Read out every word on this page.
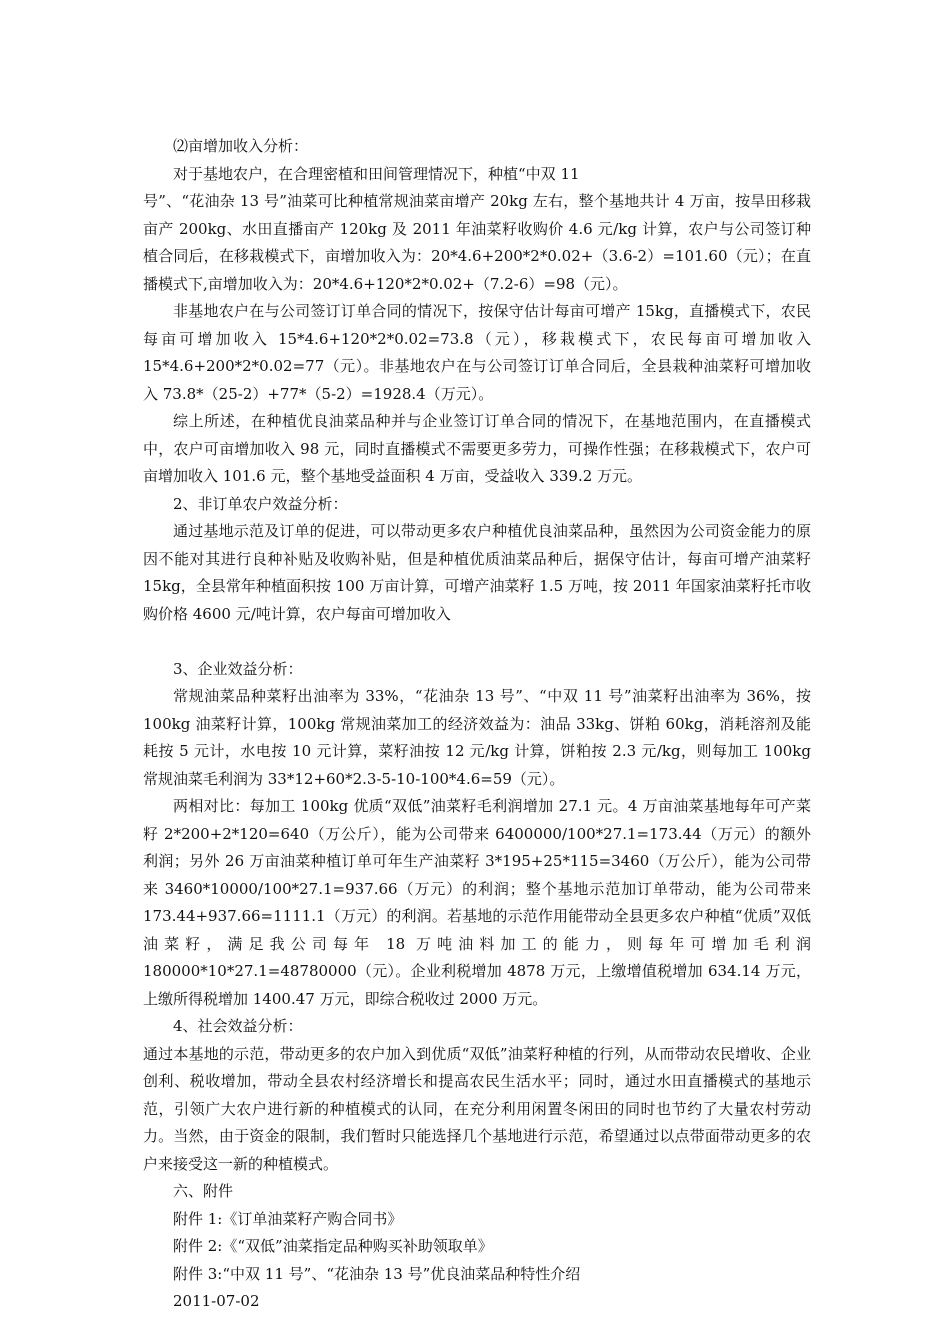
⑵亩增加收入分析：

对于基地农户，在合理密植和田间管理情况下，种植“中双 11

号”、“花油杂 13 号”油菜可比种植常规油菜亩增产 20kg 左右，整个基地共计 4 万亩，按旱田移栽亩产 200kg、水田直播亩产 120kg 及 2011 年油菜籽收购价 4.6 元/kg 计算，农户与公司签订种植合同后，在移栽模式下，亩增加收入为：20*4.6+200*2*0.02+（3.6-2）=101.60（元）；在直播模式下,亩增加收入为：20*4.6+120*2*0.02+（7.2-6）=98（元）。

非基地农户在与公司签订订单合同的情况下，按保守估计每亩可增产 15kg，直播模式下，农民每亩可增加收入 15*4.6+120*2*0.02=73.8（元），移栽模式下，农民每亩可增加收入 15*4.6+200*2*0.02=77（元）。非基地农户在与公司签订订单合同后，全县栽种油菜籽可增加收入 73.8*（25-2）+77*（5-2）=1928.4（万元）。

综上所述，在种植优良油菜品种并与企业签订订单合同的情况下，在基地范围内，在直播模式中，农户可亩增加收入 98 元，同时直播模式不需要更多劳力，可操作性强；在移栽模式下，农户可亩增加收入 101.6 元，整个基地受益面积 4 万亩，受益收入 339.2 万元。

2、非订单农户效益分析：

通过基地示范及订单的促进，可以带动更多农户种植优良油菜品种，虽然因为公司资金能力的原因不能对其进行良种补贴及收购补贴，但是种植优质油菜品种后，据保守估计，每亩可增产油菜籽 15kg，全县常年种植面积按 100 万亩计算，可增产油菜籽 1.5 万吨，按 2011 年国家油菜籽托市收购价格 4600 元/吨计算，农户每亩可增加收入

3、企业效益分析：

常规油菜品种菜籽出油率为 33%，“花油杂 13 号”、“中双 11 号”油菜籽出油率为 36%，按 100kg 油菜籽计算，100kg 常规油菜加工的经济效益为：油品 33kg、饼粕 60kg，消耗溶剂及能耗按 5 元计，水电按 10 元计算，菜籽油按 12 元/kg 计算，饼粕按 2.3 元/kg，则每加工 100kg 常规油菜毛利润为 33*12+60*2.3-5-10-100*4.6=59（元）。

两相对比：每加工 100kg 优质“双低”油菜籽毛利润增加 27.1 元。4 万亩油菜基地每年可产菜籽 2*200+2*120=640（万公斤），能为公司带来 6400000/100*27.1=173.44（万元）的额外利润；另外 26 万亩油菜种植订单可年生产油菜籽 3*195+25*115=3460（万公斤），能为公司带来 3460*10000/100*27.1=937.66（万元）的利润；整个基地示范加订单带动，能为公司带来 173.44+937.66=1111.1（万元）的利润。若基地的示范作用能带动全县更多农户种植“优质”双低油菜籽，满足我公司每年 18 万吨油料加工的能力，则每年可增加毛利润 180000*10*27.1=48780000（元）。企业利税增加 4878 万元，上缴增值税增加 634.14 万元，上缴所得税增加 1400.47 万元，即综合税收过 2000 万元。

4、社会效益分析：

通过本基地的示范，带动更多的农户加入到优质“双低”油菜籽种植的行列，从而带动农民增收、企业创利、税收增加，带动全县农村经济增长和提高农民生活水平；同时，通过水田直播模式的基地示范，引领广大农户进行新的种植模式的认同，在充分利用闲置冬闲田的同时也节约了大量农村劳动力。当然，由于资金的限制，我们暂时只能选择几个基地进行示范，希望通过以点带面带动更多的农户来接受这一新的种植模式。

六、附件

附件 1:《订单油菜籽产购合同书》

附件 2:《“双低”油菜指定品种购买补助领取单》

附件 3:“中双 11 号”、“花油杂 13 号”优良油菜品种特性介绍

2011-07-02
